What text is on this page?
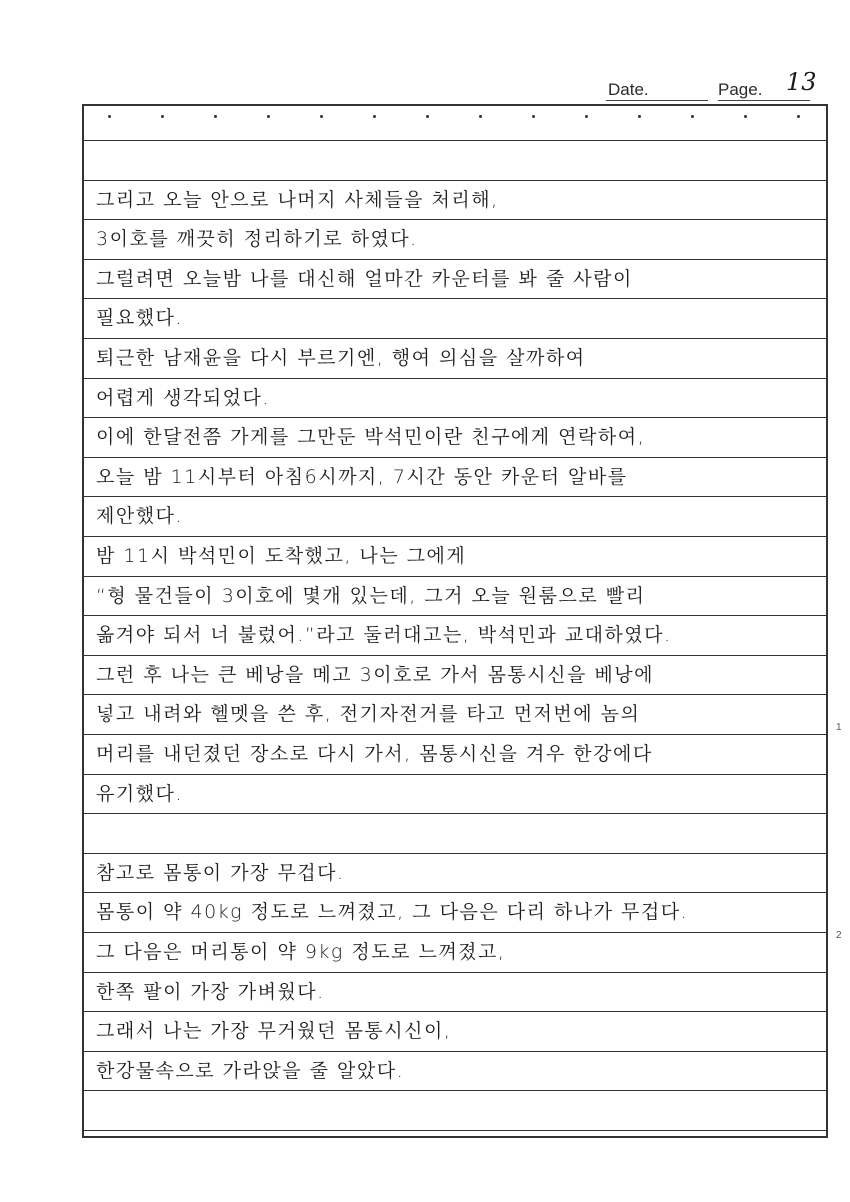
Date.	Page. 13
그리고 오늘 안으로 나머지 사체들을 처리해,
3이호를 깨끗히 정리하기로 하였다.
그럴려면 오늘밤 나를 대신해 얼마간 카운터를 봐 줄 사람이
필요했다.
퇴근한 남재윤을 다시 부르기엔, 행여 의심을 살까하여
어렵게 생각되었다.
이에 한달전쯤 가게를 그만둔 박석민이란 친구에게 연락하여,
오늘 밤 11시부터 아침6시까지, 7시간 동안 카운터 알바를
제안했다.
밤 11시 박석민이 도착했고, 나는 그에게
“형 물건들이 3이호에 몇개 있는데, 그거 오늘 원룸으로 빨리
옮겨야 되서 너 불렀어.”라고 둘러대고는, 박석민과 교대하였다.
그런 후 나는 큰 베낭을 메고 3이호로 가서 몸통시신을 베낭에
넣고 내려와 헬멧을 쓴 후, 전기자전거를 타고 먼저번에 놈의
머리를 내던졌던 장소로 다시 가서, 몸통시신을 겨우 한강에다
유기했다.
참고로 몸통이 가장 무겁다.
몸통이 약 40kg 정도로 느껴졌고, 그 다음은 다리 하나가 무겁다.
그 다음은 머리통이 약 9kg 정도로 느껴졌고,
한쪽 팔이 가장 가벼웠다.
그래서 나는 가장 무거웠던 몸통시신이,
한강물속으로 가라앉을 줄 알았다.
1
2
